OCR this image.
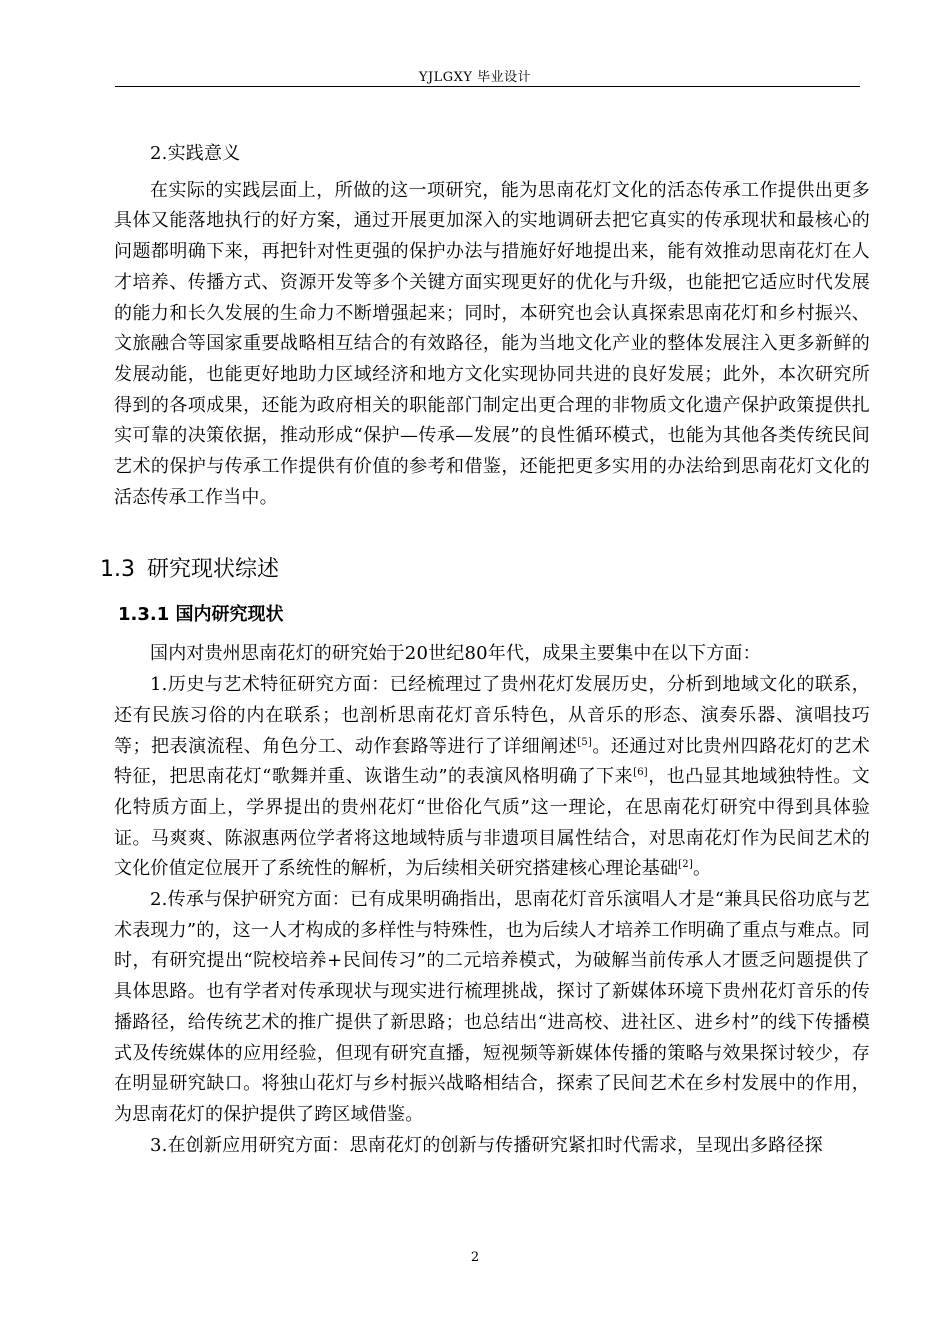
YJLGXY 毕业设计

2.实践意义

在实际的实践层面上，所做的这一项研究，能为思南花灯文化的活态传承工作提供出更多具体又能落地执行的好方案，通过开展更加深入的实地调研去把它真实的传承现状和最核心的问题都明确下来，再把针对性更强的保护办法与措施好好地提出来，能有效推动思南花灯在人才培养、传播方式、资源开发等多个关键方面实现更好的优化与升级，也能把它适应时代发展的能力和长久发展的生命力不断增强起来；同时，本研究也会认真探索思南花灯和乡村振兴、文旅融合等国家重要战略相互结合的有效路径，能为当地文化产业的整体发展注入更多新鲜的发展动能，也能更好地助力区域经济和地方文化实现协同共进的良好发展；此外，本次研究所得到的各项成果，还能为政府相关的职能部门制定出更合理的非物质文化遗产保护政策提供扎实可靠的决策依据，推动形成“保护—传承—发展”的良性循环模式，也能为其他各类传统民间艺术的保护与传承工作提供有价值的参考和借鉴，还能把更多实用的办法给到思南花灯文化的活态传承工作当中。

1.3 研究现状综述
1.3.1 国内研究现状

国内对贵州思南花灯的研究始于20世纪80年代，成果主要集中在以下方面：

1.历史与艺术特征研究方面：已经梳理过了贵州花灯发展历史，分析到地域文化的联系，还有民族习俗的内在联系；也剖析思南花灯音乐特色，从音乐的形态、演奏乐器、演唱技巧等；把表演流程、角色分工、动作套路等进行了详细阐述[5]。还通过对比贵州四路花灯的艺术特征，把思南花灯“歌舞并重、诙谐生动”的表演风格明确了下来[6]，也凸显其地域独特性。文化特质方面上，学界提出的贵州花灯“世俗化气质”这一理论，在思南花灯研究中得到具体验证。马爽爽、陈淑惠两位学者将这地域特质与非遗项目属性结合，对思南花灯作为民间艺术的文化价值定位展开了系统性的解析，为后续相关研究搭建核心理论基础[2]。

2.传承与保护研究方面：已有成果明确指出，思南花灯音乐演唱人才是“兼具民俗功底与艺术表现力”的，这一人才构成的多样性与特殊性，也为后续人才培养工作明确了重点与难点。同时，有研究提出“院校培养+民间传习”的二元培养模式，为破解当前传承人才匮乏问题提供了具体思路。也有学者对传承现状与现实进行梳理挑战，探讨了新媒体环境下贵州花灯音乐的传播路径，给传统艺术的推广提供了新思路；也总结出“进高校、进社区、进乡村”的线下传播模式及传统媒体的应用经验，但现有研究直播，短视频等新媒体传播的策略与效果探讨较少，存在明显研究缺口。将独山花灯与乡村振兴战略相结合，探索了民间艺术在乡村发展中的作用，为思南花灯的保护提供了跨区域借鉴。

3.在创新应用研究方面：思南花灯的创新与传播研究紧扣时代需求，呈现出多路径探

2
